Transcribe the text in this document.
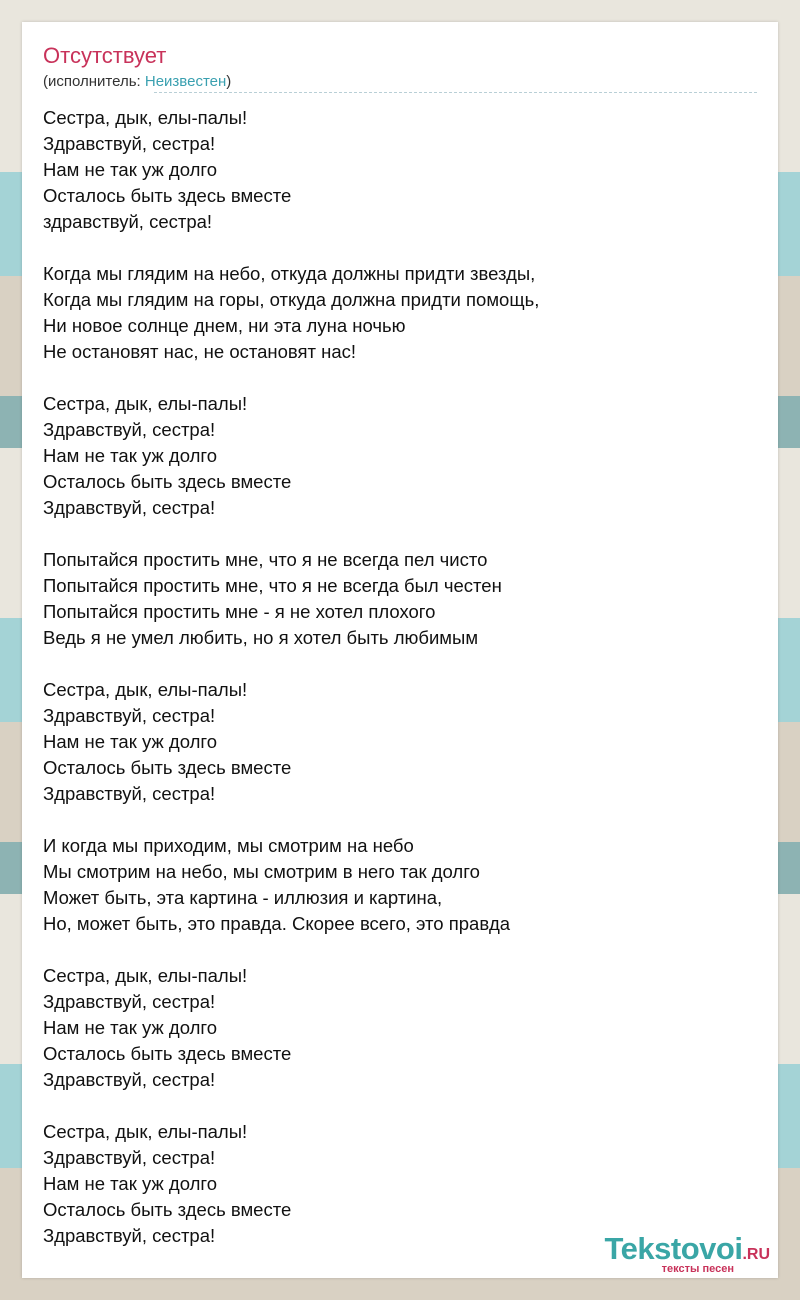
Отсутствует
(исполнитель: Неизвестен)
Сестра, дык, елы-палы!
Здравствуй, сестра!
Нам не так уж долго
Осталось быть здесь вместе
здравствуй, сестра!
Когда мы глядим на небо, откуда должны придти звезды,
Когда мы глядим на горы, откуда должна придти помощь,
Ни новое солнце днем, ни эта луна ночью
Не остановят нас, не остановят нас!
Сестра, дык, елы-палы!
Здравствуй, сестра!
Нам не так уж долго
Осталось быть здесь вместе
Здравствуй, сестра!
Попытайся простить мне, что я не всегда пел чисто
Попытайся простить мне, что я не всегда был честен
Попытайся простить мне - я не хотел плохого
Ведь я не умел любить, но я хотел быть любимым
Сестра, дык, елы-палы!
Здравствуй, сестра!
Нам не так уж долго
Осталось быть здесь вместе
Здравствуй, сестра!
И когда мы приходим, мы смотрим на небо
Мы смотрим на небо, мы смотрим в него так долго
Может быть, эта картина - иллюзия и картина,
Но, может быть, это правда. Скорее всего, это правда
Сестра, дык, елы-палы!
Здравствуй, сестра!
Нам не так уж долго
Осталось быть здесь вместе
Здравствуй, сестра!
Сестра, дык, елы-палы!
Здравствуй, сестра!
Нам не так уж долго
Осталось быть здесь вместе
Здравствуй, сестра!	Tekstovoi.RU
тексты песен
